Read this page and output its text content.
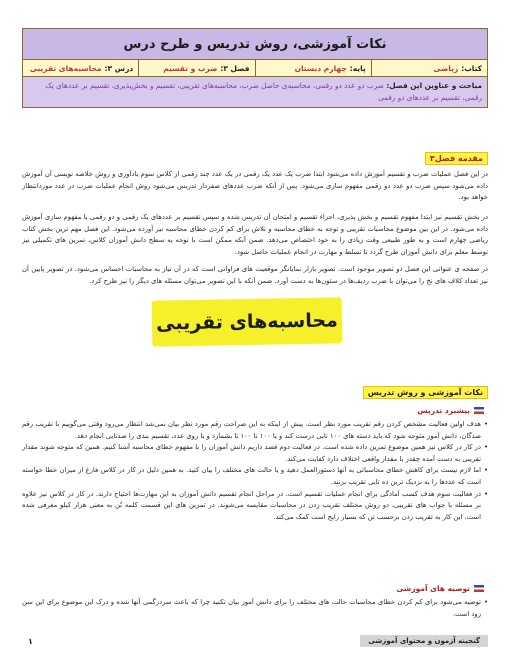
نکات آموزشی، روش تدریس و طرح درس
کتاب:
ریاضی
پایه:
چهارم دبستان
فصل ۳:
ضرب و تقسیم
درس ۳:
محاسبه‌های تقریبی
مباحث و عناوین این فصل: ضرب دو عدد دو رقمی، محاسبه‌ی حاصل ضرب، محاسبه‌های تقریبی، تقسیم و بخش‌پذیری، تقسیم بر عددهای یک رقمی، تقسیم بر عددهای دو رقمی
مقدمه فصل۳

در این فصل عملیات ضرب و تقسیم آموزش داده می‌شود ابتدا ضرب یک عدد یک رقمی در یک عدد چند رقمی از کلاس سوم یادآوری و روش خلاصه نویسی آن آموزش داده می‌شود سپس ضرب دو عدد دو رقمی مفهوم سازی می‌شود. پس از آنکه ضرب عددهای صفردار تدریس می‌شود روش انجام عملیات ضرب در عدد موردانتظار خواهد بود.

در بخش تقسیم نیز ابتدا مفهوم تقسیم و بخش پذیری، اجزاء تقسیم و امتحان آن تدریس شده و سپس تقسیم بر عددهای یک رقمی و دو رقمی با مفهوم سازی آموزش داده می‌شود. در این بین موضوع محاسبات تقریبی و توجه به خطای محاسبه و تلاش برای کم کردن خطای محاسبه نیز آورده می‌شود. این فصل مهم ترین بخش کتاب ریاضی چهارم است و به طور طبیعی وقت زیادی را به خود اختصاص می‌دهد. ضمن آنکه ممکن است با توجه به سطح دانش آموزان کلاس، تمرین های تکمیلی نیز توسط معلم برای دانش آموزان طرح گردد تا تسلط و مهارت در انجام عملیات حاصل شود.

در صفحه ی عنوانی این فصل دو تصویر موجود است. تصویر بازار نمایانگر موقعیت های فراوانی است که در آن نیاز به محاسبات احساس می‌شود. در تصویر پایین آن نیز تعداد کلاف های نخ را می‌توان با ضرب ردیف‌ها در ستون‌ها به دست آورد. ضمن آنکه با این تصویر می‌توان مسئله های دیگر را نیز طرح کرد.

محاسبه‌های تقریبی
نکات آموزشی و روش تدریس
پیشبرد تدریس
•
هدف اولین فعالیت مشخص کردن رقم تقریب مورد نظر است. پیش از اینکه به این صراحت رقم مورد نظر بیان نمی‌شد انتظار می‌رود وقتی می‌گوییم با تقریب رقم صدگان، دانش آموز متوجه شود که باید دسته های ۱۰۰ تایی درست کند و یا ۱۰۰ تا ۱۰۰ تا بشمارد و یا روی عدد، تقسیم بندی را صدتایی انجام دهد.
•
در کار در کلاس نیز همین موضوع تمرین داده شده است. در فعالیت دوم قصد داریم دانش آموزان را با مفهوم خطای محاسبه آشنا کنیم. همین که متوجه شوند مقدار تقریبی به دست آمده چقدر با مقدار واقعی اختلاف دارد کفایت می‌کند.
•
اما لازم نیست برای کاهش خطای محاسباتی به آنها دستورالعمل دهید و یا حالت های مختلف را بیان کنید. به همین دلیل در کار در کلاس فارغ از میزان خطا خواسته است که عددها را به نزدیک ترین ده تایی تقریب بزنند.
•
در فعالیت سوم هدف کسب آمادگی برای انجام عملیات تقسیم است. در مراحل انجام تقسیم دانش آموزان به این مهارت‌ها احتیاج دارند. در کار در کلاس نیز علاوه بر مسئله با جواب های تقریبی، دو روش مختلف تقریب زدن در محاسبات مقایسه می‌شوند. در تمرین های این قسمت کلمه تُن به معنی هزار کیلو معرفی شده است. این کار به تقریب زدن برحسب تن که بسیار رایج است کمک می‌کند.
توصیه های آموزشی
•
توصیه می‌شود برای کم کردن خطای محاسبات حالت های مختلف را برای دانش آموز بیان نکنید چرا که باعث سردرگمی آنها شده و درک این موضوع برای این سن زود است.
گنجینه آزمون و محتوای آموزشی
۱
